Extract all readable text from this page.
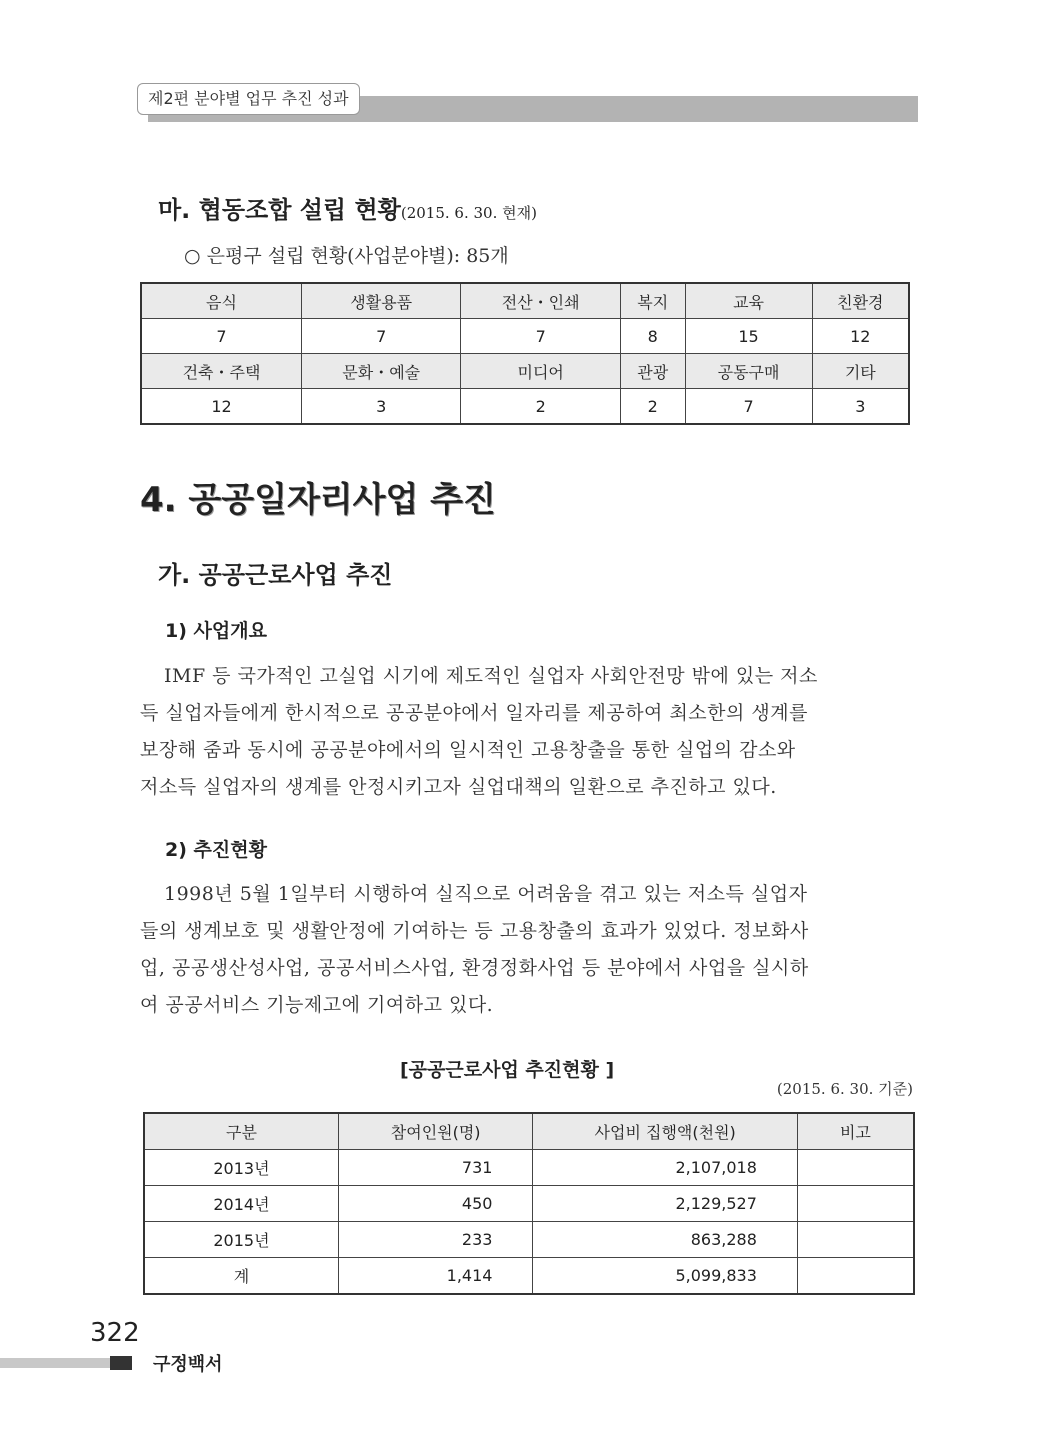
제2편 분야별 업무 추진 성과
마. 협동조합 설립 현황(2015. 6. 30. 현재)
○ 은평구 설립 현황(사업분야별): 85개
음식	생활용품	전산・인쇄	복지	교육	친환경
7	7	7	8	15	12
건축・주택	문화・예술	미디어	관광	공동구매	기타
12	3	2	2	7	3
4. 공공일자리사업 추진
가. 공공근로사업 추진
1) 사업개요
IMF 등 국가적인 고실업 시기에 제도적인 실업자 사회안전망 밖에 있는 저소
득 실업자들에게 한시적으로 공공분야에서 일자리를 제공하여 최소한의 생계를
보장해 줌과 동시에 공공분야에서의 일시적인 고용창출을 통한 실업의 감소와
저소득 실업자의 생계를 안정시키고자 실업대책의 일환으로 추진하고 있다.
2) 추진현황
1998년 5월 1일부터 시행하여 실직으로 어려움을 겪고 있는 저소득 실업자
들의 생계보호 및 생활안정에 기여하는 등 고용창출의 효과가 있었다. 정보화사
업, 공공생산성사업, 공공서비스사업, 환경정화사업 등 분야에서 사업을 실시하
여 공공서비스 기능제고에 기여하고 있다.
[공공근로사업 추진현황 ]
(2015. 6. 30. 기준)
구분	참여인원(명)	사업비 집행액(천원)	비고
2013년	731	2,107,018	
2014년	450	2,129,527	
2015년	233	863,288	
계	1,414	5,099,833	
322
구정백서
